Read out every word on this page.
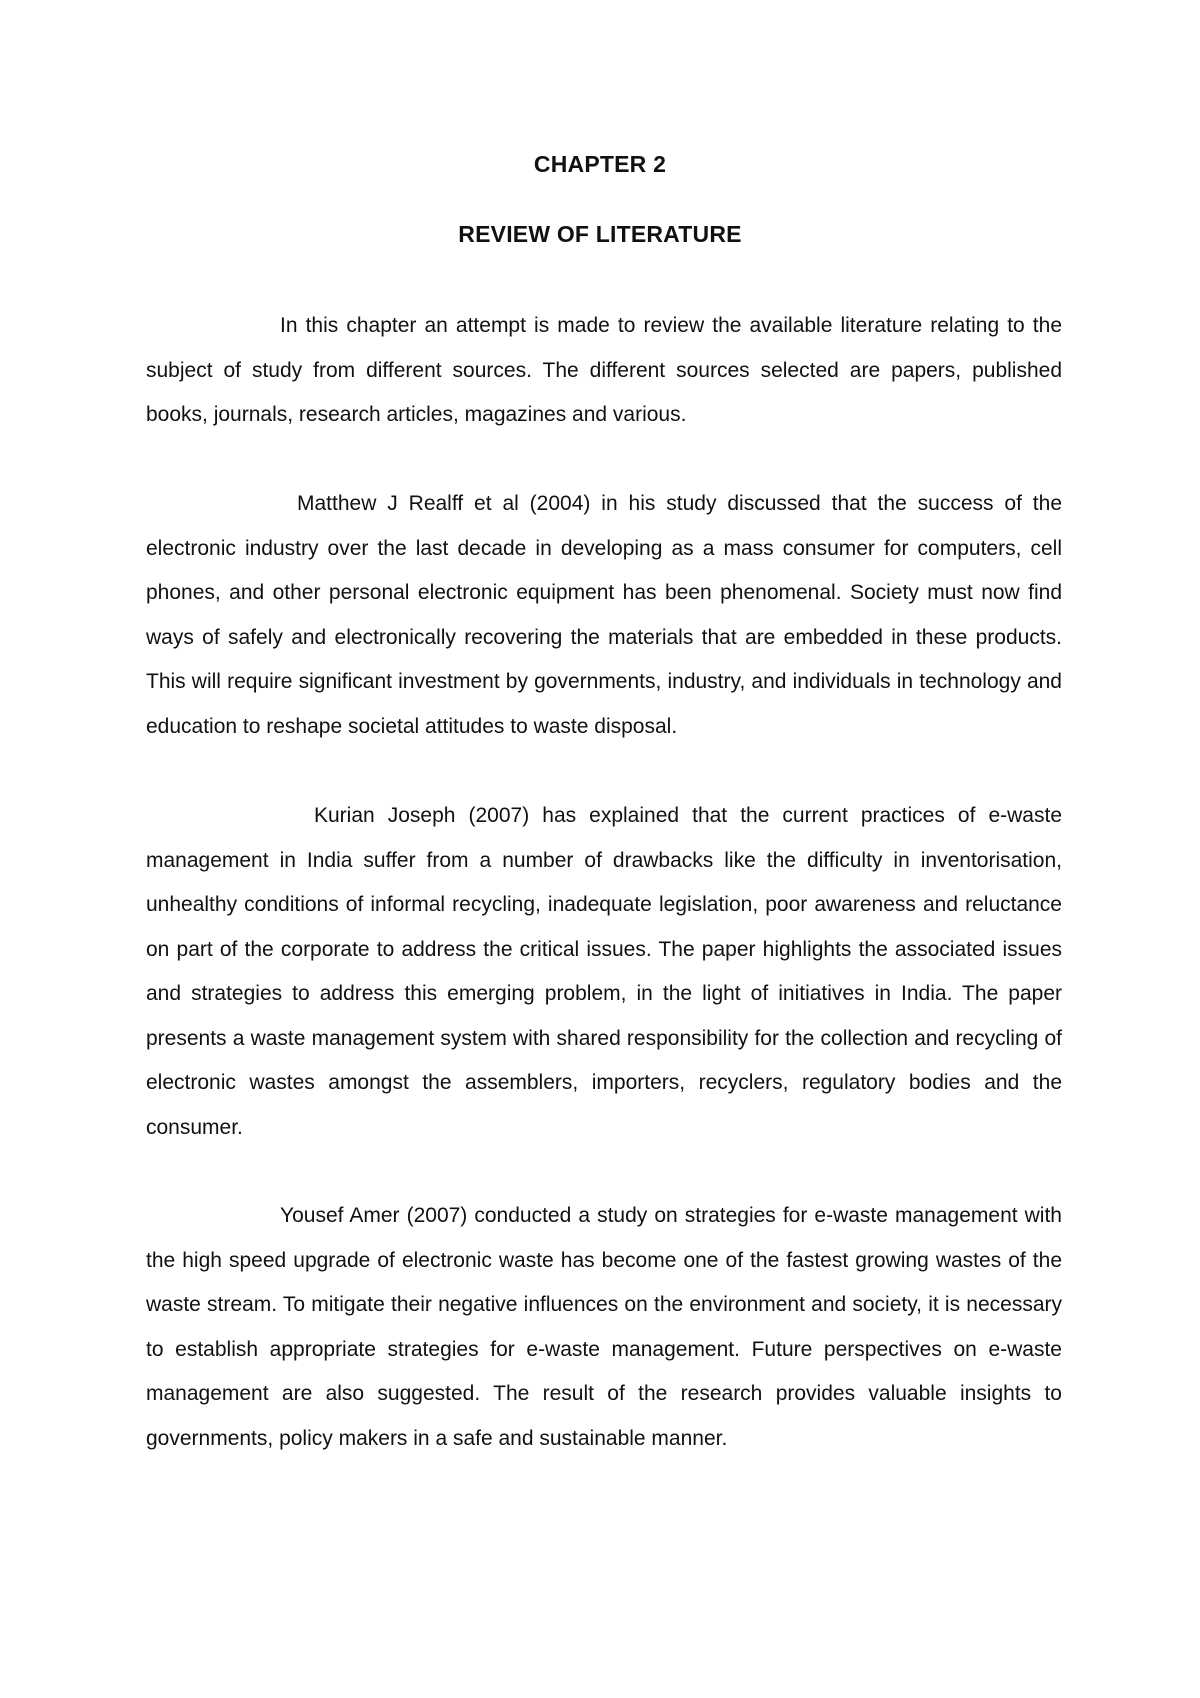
CHAPTER 2
REVIEW OF LITERATURE

In this chapter an attempt is made to review the available literature relating to the subject of study from different sources. The different sources selected are papers, published books, journals, research articles, magazines and various.

Matthew J Realff et al (2004) in his study discussed that the success of the electronic industry over the last decade in developing as a mass consumer for computers, cell phones, and other personal electronic equipment has been phenomenal. Society must now find ways of safely and electronically recovering the materials that are embedded in these products. This will require significant investment by governments, industry, and individuals in technology and education to reshape societal attitudes to waste disposal.

Kurian Joseph (2007) has explained that the current practices of e-waste management in India suffer from a number of drawbacks like the difficulty in inventorisation, unhealthy conditions of informal recycling, inadequate legislation, poor awareness and reluctance on part of the corporate to address the critical issues. The paper highlights the associated issues and strategies to address this emerging problem, in the light of initiatives in India. The paper presents a waste management system with shared responsibility for the collection and recycling of electronic wastes amongst the assemblers, importers, recyclers, regulatory bodies and the consumer.

Yousef Amer (2007) conducted a study on strategies for e-waste management with the high speed upgrade of electronic waste has become one of the fastest growing wastes of the waste stream. To mitigate their negative influences on the environment and society, it is necessary to establish appropriate strategies for e-waste management. Future perspectives on e-waste management are also suggested. The result of the research provides valuable insights to governments, policy makers in a safe and sustainable manner.
